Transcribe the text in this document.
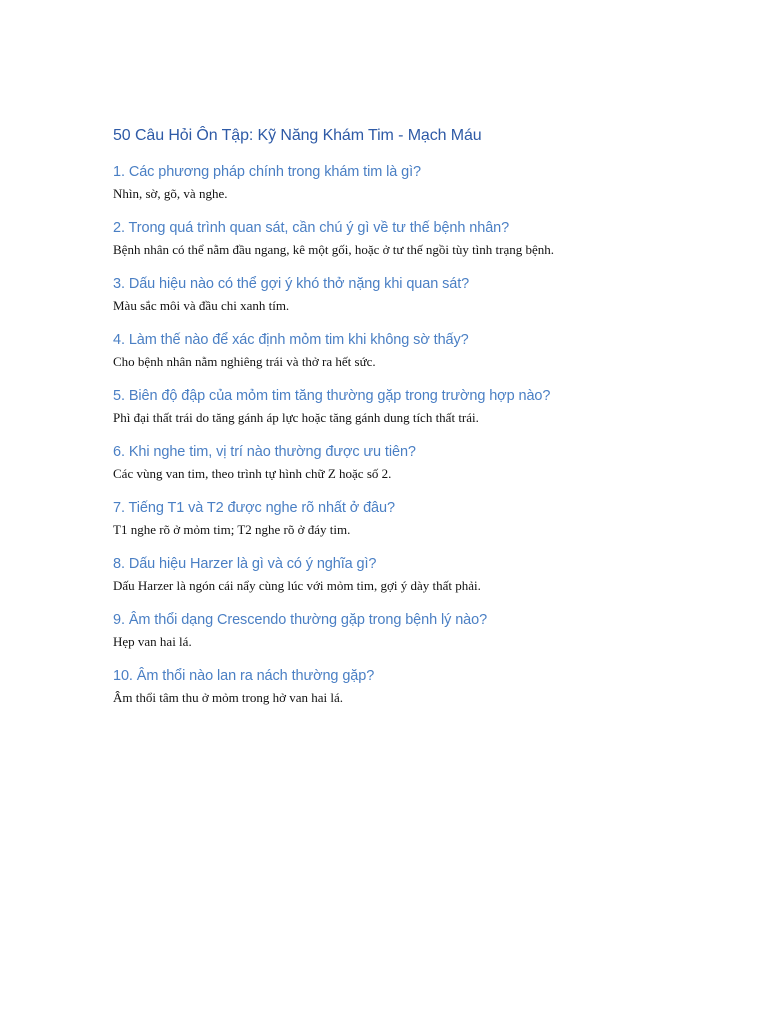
50 Câu Hỏi Ôn Tập: Kỹ Năng Khám Tim - Mạch Máu
1. Các phương pháp chính trong khám tim là gì?

Nhìn, sờ, gõ, và nghe.

2. Trong quá trình quan sát, cần chú ý gì về tư thế bệnh nhân?

Bệnh nhân có thể nằm đầu ngang, kê một gối, hoặc ở tư thế ngồi tùy tình trạng bệnh.

3. Dấu hiệu nào có thể gợi ý khó thở nặng khi quan sát?

Màu sắc môi và đầu chi xanh tím.

4. Làm thế nào để xác định mỏm tim khi không sờ thấy?

Cho bệnh nhân nằm nghiêng trái và thở ra hết sức.

5. Biên độ đập của mỏm tim tăng thường gặp trong trường hợp nào?

Phì đại thất trái do tăng gánh áp lực hoặc tăng gánh dung tích thất trái.

6. Khi nghe tim, vị trí nào thường được ưu tiên?

Các vùng van tim, theo trình tự hình chữ Z hoặc số 2.

7. Tiếng T1 và T2 được nghe rõ nhất ở đâu?

T1 nghe rõ ở mỏm tim; T2 nghe rõ ở đáy tim.

8. Dấu hiệu Harzer là gì và có ý nghĩa gì?

Dấu Harzer là ngón cái nẩy cùng lúc với mỏm tim, gợi ý dày thất phải.

9. Âm thổi dạng Crescendo thường gặp trong bệnh lý nào?

Hẹp van hai lá.

10. Âm thổi nào lan ra nách thường gặp?

Âm thổi tâm thu ở mỏm trong hở van hai lá.
